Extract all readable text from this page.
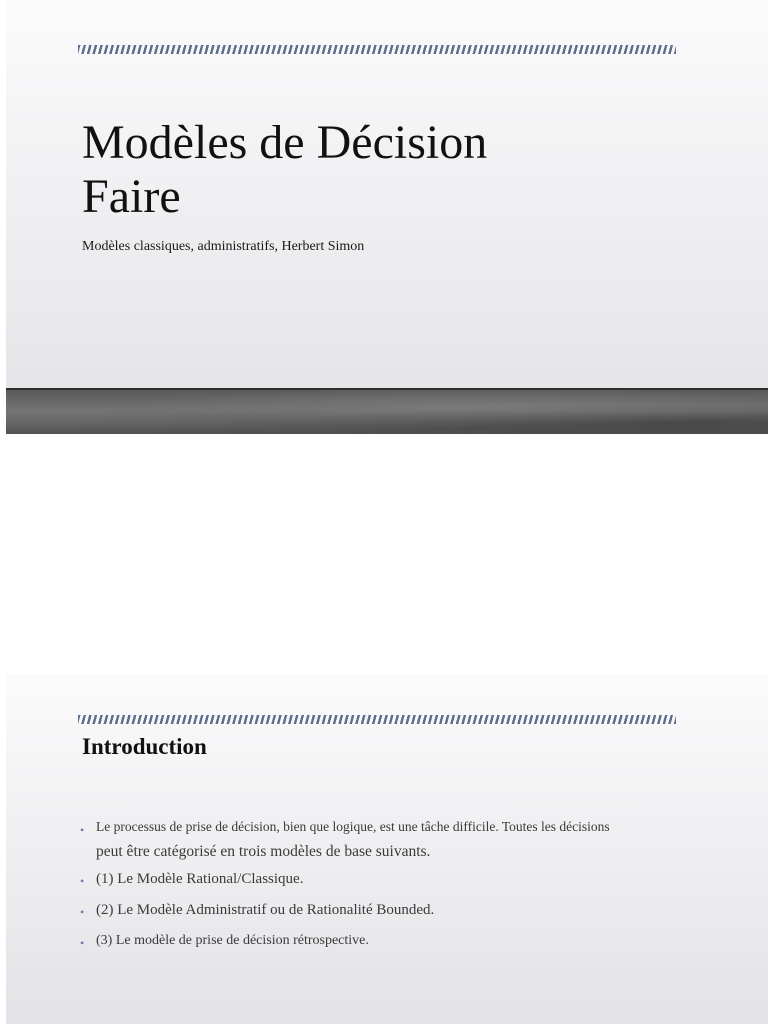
Modèles de Décision
Faire

Modèles classiques, administratifs, Herbert Simon

Introduction
• Le processus de prise de décision, bien que logique, est une tâche difficile. Toutes les décisions
peut être catégorisé en trois modèles de base suivants.
• (1) Le Modèle Rational/Classique.
• (2) Le Modèle Administratif ou de Rationalité Bounded.
• (3) Le modèle de prise de décision rétrospective.
